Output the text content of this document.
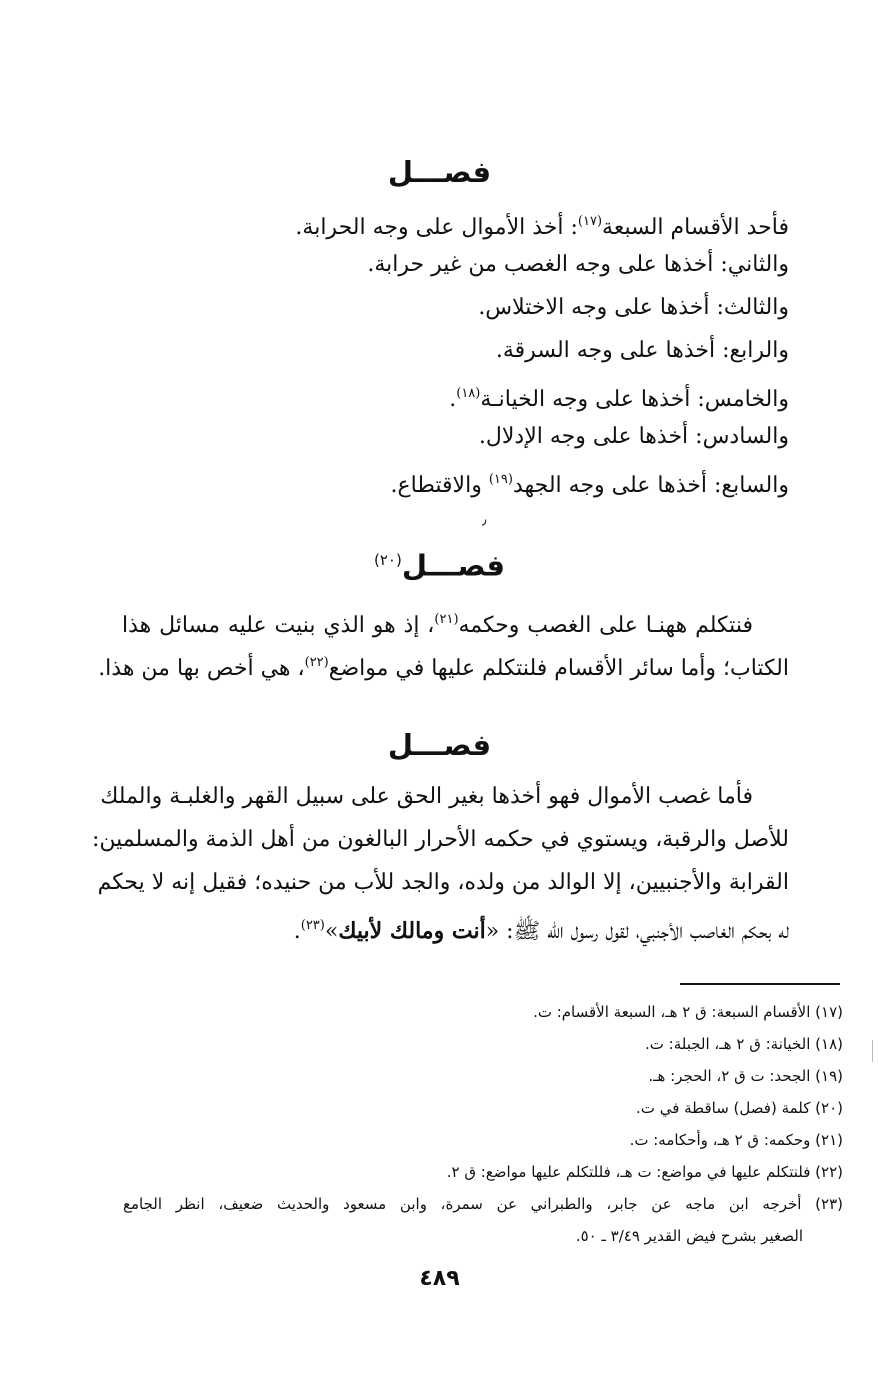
فصـــل
فأحد الأقسام السبعة$^{(١٧)}$: أخذ الأموال على وجه الحرابة.
والثاني: أخذها على وجه الغصب من غير حرابة.
والثالث: أخذها على وجه الاختلاس.
والرابع: أخذها على وجه السرقة.
والخامس: أخذها على وجه الخيانـة$^{(١٨)}$.
والسادس: أخذها على وجه الإدلال.
والسابع: أخذها على وجه الجهد$^{(١٩)}$ والاقتطاع.
٫
فصـــل$^{(٢٠)}$
فنتكلم ههنـا على الغصب وحكمه$^{(٢١)}$، إذ هو الذي بنيت عليه مسائل هذا
الكتاب؛ وأما سائر الأقسام فلنتكلم عليها في مواضع$^{(٢٢)}$، هي أخص بها من هذا.
فصـــل
فأما غصب الأموال فهو أخذها بغير الحق على سبيل القهر والغلبـة والملك
للأصل والرقبة، ويستوي في حكمه الأحرار البالغون من أهل الذمة والمسلمين:
القرابة والأجنبيين، إلا الوالد من ولده، والجد للأب من حنيده؛ فقيل إنه لا يحكم
له بحكم الغاصب الأجنبي، لقول رسول الله ﷺ: «أنت ومالك لأبيك»$^{(٢٣)}$.
(١٧) الأقسام السبعة: ق ٢ هـ، السبعة الأقسام: ت.
(١٨) الخيانة: ق ٢ هـ، الجبلة: ت.
(١٩) الجحد: ت ق ٢، الحجر: هـ.
(٢٠) كلمة (فصل) ساقطة في ت.
(٢١) وحكمه: ق ٢ هـ، وأحكامه: ت.
(٢٢) فلنتكلم عليها في مواضع: ت هـ، فللتكلم عليها مواضع: ق ٢.
(٢٣) أخرجه ابن ماجه عن جابر، والطبراني عن سمرة، وابن مسعود والحديث ضعيف، انظر الجامع
الصغير بشرح فيض القدير ٣/٤٩ ـ ٥٠.
٤٨٩
